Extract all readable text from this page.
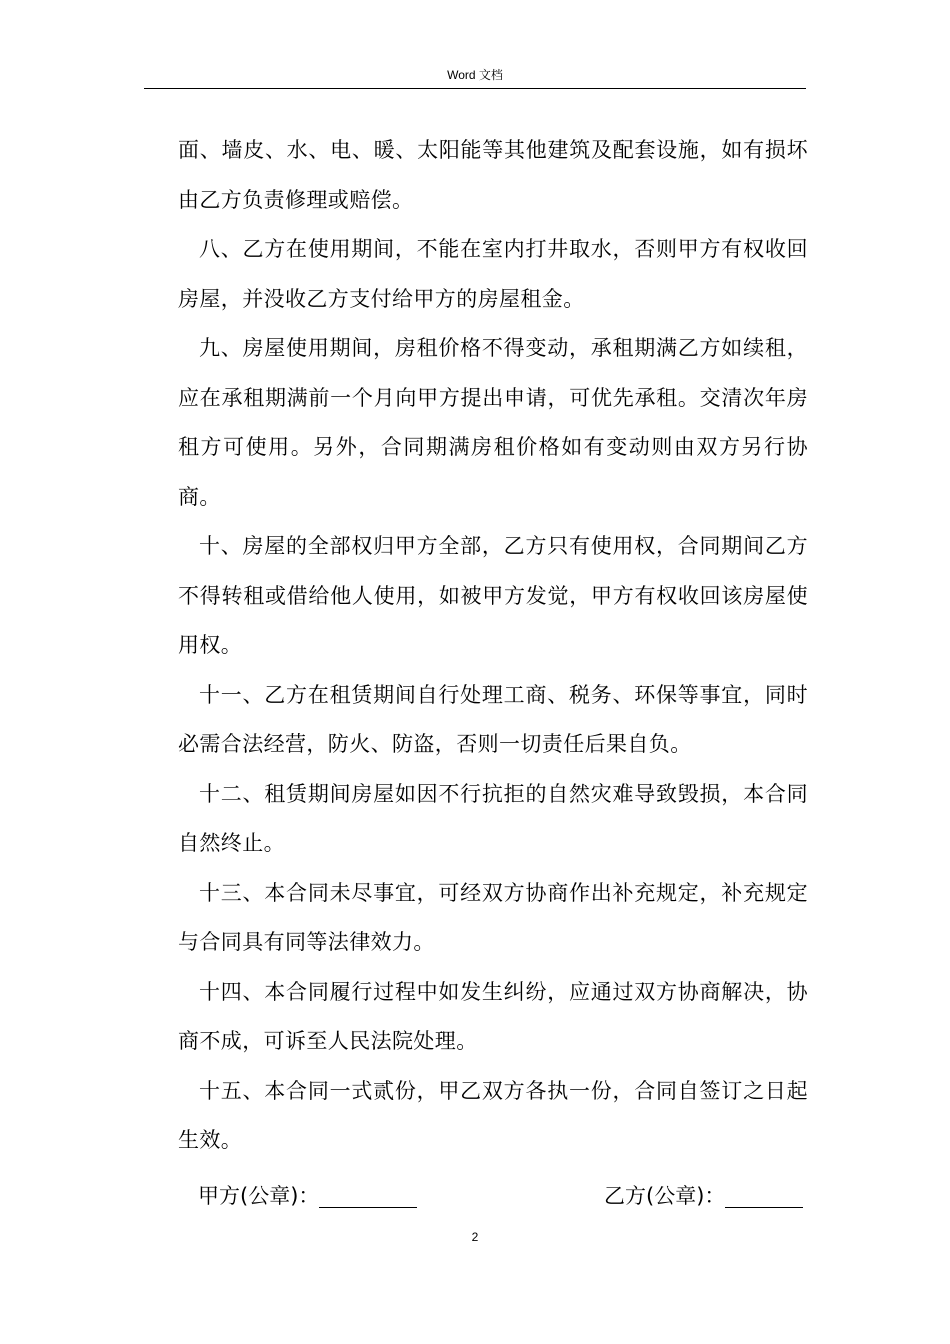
Word 文档

面、墙皮、水、电、暖、太阳能等其他建筑及配套设施，如有损坏由乙方负责修理或赔偿。

八、乙方在使用期间，不能在室内打井取水，否则甲方有权收回房屋，并没收乙方支付给甲方的房屋租金。

九、房屋使用期间，房租价格不得变动，承租期满乙方如续租，应在承租期满前一个月向甲方提出申请，可优先承租。交清次年房租方可使用。另外，合同期满房租价格如有变动则由双方另行协商。

十、房屋的全部权归甲方全部，乙方只有使用权，合同期间乙方不得转租或借给他人使用，如被甲方发觉，甲方有权收回该房屋使用权。

十一、乙方在租赁期间自行处理工商、税务、环保等事宜，同时必需合法经营，防火、防盗，否则一切责任后果自负。

十二、租赁期间房屋如因不行抗拒的自然灾难导致毁损，本合同自然终止。

十三、本合同未尽事宜，可经双方协商作出补充规定，补充规定与合同具有同等法律效力。

十四、本合同履行过程中如发生纠纷，应通过双方协商解决，协商不成，可诉至人民法院处理。

十五、本合同一式贰份，甲乙双方各执一份，合同自签订之日起生效。

甲方(公章)：	乙方(公章)：
2
